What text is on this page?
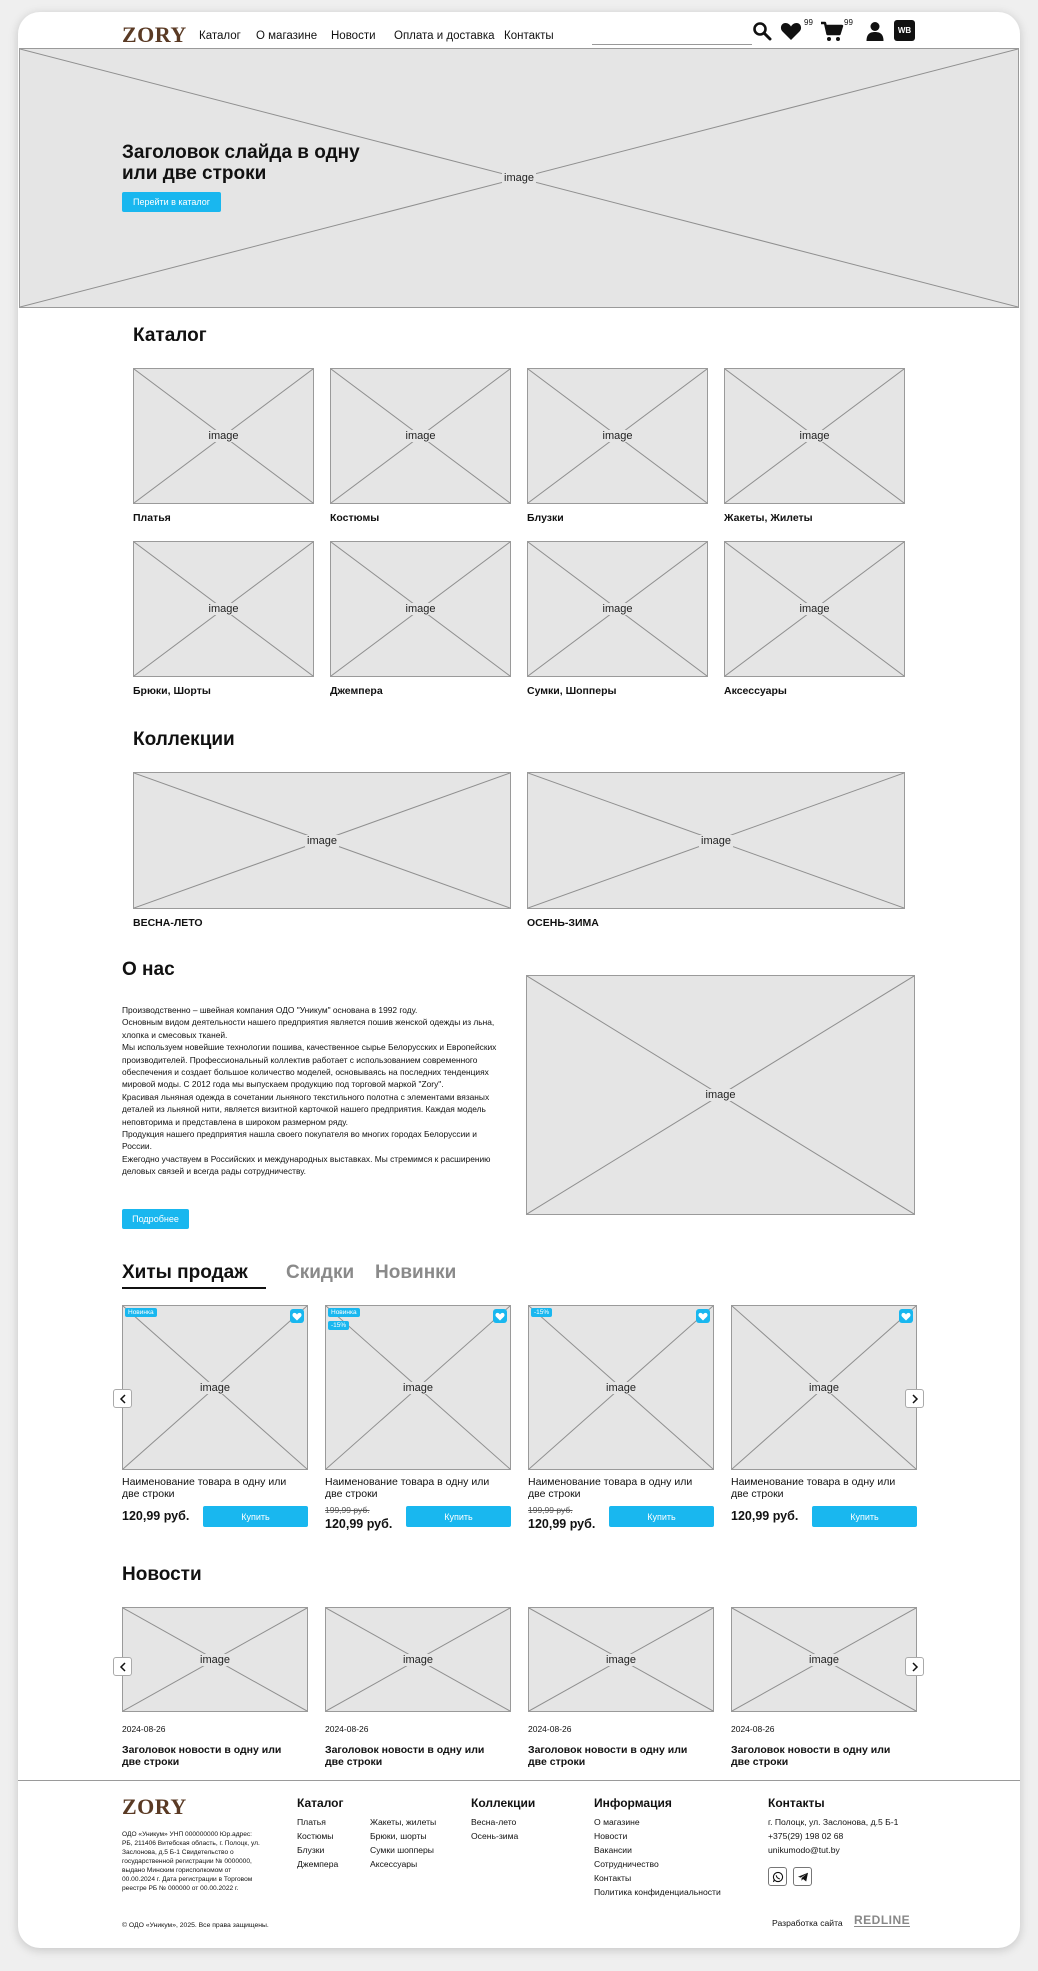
ZORY Каталог О магазине Новости Оплата и доставка Контакты
99	99
WB
image
Заголовок слайда в одну или две строки
Перейти в каталог
Каталог
image
Платья
image
Костюмы
image
Блузки
image
Жакеты, Жилеты
image
Брюки, Шорты
image
Джемпера
image
Сумки, Шопперы
image
Аксессуары
Коллекции
image
ВЕСНА-ЛЕТО
image
ОСЕНЬ-ЗИМА
О нас

Производственно – швейная компания ОДО "Уникум" основана в 1992 году.

Основным видом деятельности нашего предприятия является пошив женской одежды из льна, хлопка и смесовых тканей.

Мы используем новейшие технологии пошива, качественное сырье Белорусских и Европейских производителей. Профессиональный коллектив работает с использованием современного обеспечения и создает большое количество моделей, основываясь на последних тенденциях мировой моды. С 2012 года мы выпускаем продукцию под торговой маркой "Zory".

Красивая льняная одежда в сочетании льняного текстильного полотна с элементами вязаных деталей из льняной нити, является визитной карточкой нашего предприятия. Каждая модель неповторима и представлена в широком размерном ряду.

Продукция нашего предприятия нашла своего покупателя во многих городах Белоруссии и России.

Ежегодно участвуем в Российских и международных выставках. Мы стремимся к расширению деловых связей и всегда рады сотрудничеству.

Подробнее
image
Хиты продаж Скидки Новинки
image
Новинка
Наименование товара в одну или две строки
120,99 руб.	Купить
image
Новинка
-15%
Наименование товара в одну или две строки
199,99 руб.
120,99 руб.
Купить
image
-15%
Наименование товара в одну или две строки
199,99 руб.
120,99 руб.
Купить
image
Наименование товара в одну или две строки
120,99 руб.	Купить
Новости
image
2024-08-26
Заголовок новости в одну или две строки
image
2024-08-26
Заголовок новости в одну или две строки
image
2024-08-26
Заголовок новости в одну или две строки
image
2024-08-26
Заголовок новости в одну или две строки
ZORY
ОДО «Уникум» УНП 000000000 Юр.адрес: РБ, 211406 Витебская область, г. Полоцк, ул. Заслонова, д.5 Б-1 Свидетельство о государственной регистрации № 0000000, выдано Минским горисполкомом от 00.00.2024 г. Дата регистрации в Торговом реестре РБ № 000000 от 00.00.2022 г.
© ОДО «Уникум», 2025. Все права защищены.
Каталог
Платья
Костюмы
Блузки
Джемпера
Жакеты, жилеты
Брюки, шорты
Сумки шопперы
Аксессуары
Коллекции
Весна-лето
Осень-зима
Информация
О магазине
Новости
Вакансии
Сотрудничество
Контакты
Политика конфиденциальности
Контакты
г. Полоцк, ул. Заслонова, д.5 Б-1
+375(29) 198 02 68
unikumodo@tut.by
Разработка сайта REDLINE
